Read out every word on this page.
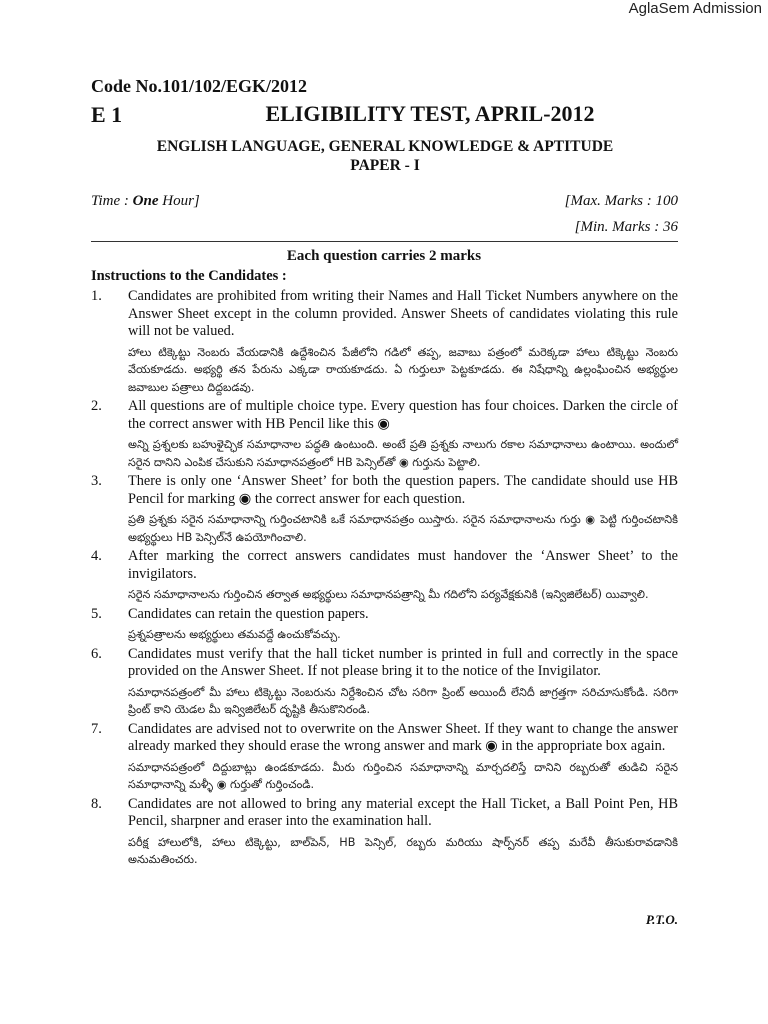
AglaSem Admission
Code No.101/102/EGK/2012
E 1	ELIGIBILITY TEST, APRIL-2012
ENGLISH LANGUAGE, GENERAL KNOWLEDGE & APTITUDE
PAPER - I
Time : One Hour]	[Max. Marks : 100
[Min. Marks : 36
Each question carries 2 marks
Instructions to the Candidates :
1. Candidates are prohibited from writing their Names and Hall Ticket Numbers anywhere on the Answer Sheet except in the column provided. Answer Sheets of candidates violating this rule will not be valued.
హాలు టిక్కెట్టు నెంబరు వేయడానికి ఉద్దేశించిన పేజీలోని గడిలో తప్ప, జవాబు పత్రంలో మరెక్కడా హాలు టిక్కెట్టు నెంబరు వేయకూడదు. అభ్యర్థి తన పేరును ఎక్కడా రాయకూడదు. ఏ గుర్తులూ పెట్టకూడదు. ఈ నిషేధాన్ని ఉల్లంఘించిన అభ్యర్థుల జవాబుల పత్రాలు దిద్దబడవు.
2. All questions are of multiple choice type. Every question has four choices. Darken the circle of the correct answer with HB Pencil like this ◉
అన్ని ప్రశ్నలకు బహుళైచ్ఛిక సమాధానాల పద్ధతి ఉంటుంది. అంటే ప్రతి ప్రశ్నకు నాలుగు రకాల సమాధానాలు ఉంటాయి. అందులో సరైన దానిని ఎంపిక చేసుకుని సమాధానపత్రంలో HB పెన్సిల్‌తో ◉ గుర్తును పెట్టాలి.
3. There is only one ‘Answer Sheet’ for both the question papers. The candidate should use HB Pencil for marking ◉ the correct answer for each question.
ప్రతి ప్రశ్నకు సరైన సమాధానాన్ని గుర్తించటానికి ఒకే సమాధానపత్రం యిస్తారు. సరైన సమాధానాలను గుర్తు ◉ పెట్టి గుర్తించటానికి అభ్యర్థులు HB పెన్సిల్‌నే ఉపయోగించాలి.
4. After marking the correct answers candidates must handover the ‘Answer Sheet’ to the invigilators.
సరైన సమాధానాలను గుర్తించిన తర్వాత అభ్యర్థులు సమాధానపత్రాన్ని మీ గదిలోని పర్యవేక్షకునికి (ఇన్విజిలేటర్) యివ్వాలి.
5. Candidates can retain the question papers.
ప్రశ్నపత్రాలను అభ్యర్థులు తమవద్దే ఉంచుకోవచ్చు.
6. Candidates must verify that the hall ticket number is printed in full and correctly in the space provided on the Answer Sheet. If not please bring it to the notice of the Invigilator.
సమాధానపత్రంలో మీ హాలు టిక్కెట్టు నెంబరును నిర్దేశించిన చోట సరిగా ప్రింట్ అయిందీ లేనిదీ జాగ్రత్తగా సరిచూసుకోండి. సరిగా ప్రింట్ కాని యెడల మీ ఇన్విజిలేటర్ దృష్టికి తీసుకొనిరండి.
7. Candidates are advised not to overwrite on the Answer Sheet. If they want to change the answer already marked they should erase the wrong answer and mark ◉ in the appropriate box again.
సమాధానపత్రంలో దిద్దుబాట్లు ఉండకూడదు. మీరు గుర్తించిన సమాధానాన్ని మార్చదలిస్తే దానిని రబ్బరుతో తుడిచి సరైన సమాధానాన్ని మళ్ళీ ◉ గుర్తుతో గుర్తించండి.
8. Candidates are not allowed to bring any material except the Hall Ticket, a Ball Point Pen, HB Pencil, sharpner and eraser into the examination hall.
పరీక్ష హాలులోకి, హాలు టిక్కెట్టు, బాల్‌పెన్, HB పెన్సిల్, రబ్బరు మరియు షార్ప్‌నర్ తప్ప మరేవీ తీసుకురావడానికి అనుమతించరు.
P.T.O.
